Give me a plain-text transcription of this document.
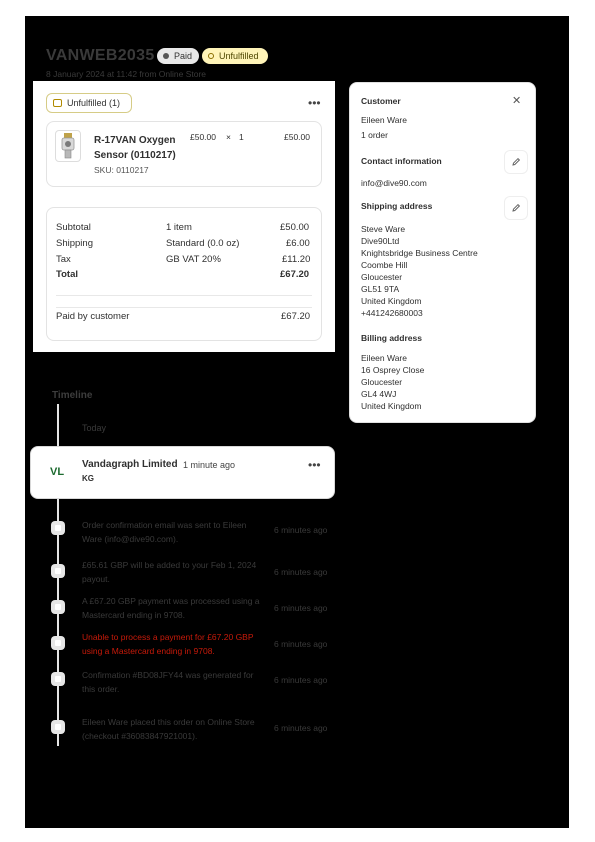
VANWEB2035 Paid	Unfulfilled
8 January 2024 at 11:42 from Online Store
Unfulfilled (1)	•••
R-17VAN Oxygen Sensor (0110217)
SKU: 0110217
£50.00 × 1	£50.00
Subtotal	1 item	£50.00
Shipping	Standard (0.0 oz)	£6.00
Tax	GB VAT 20%	£11.20
Total	£67.20
Paid by customer	£67.20
Timeline
Today
VL
Vandagraph Limited 1 minute ago
KG
•••
Order confirmation email was sent to Eileen Ware (info@dive90.com).
6 minutes ago
£65.61 GBP will be added to your Feb 1, 2024 payout.
6 minutes ago
A £67.20 GBP payment was processed using a Mastercard ending in 9708.
6 minutes ago
Unable to process a payment for £67.20 GBP using a Mastercard ending in 9708.
6 minutes ago
Confirmation #BD08JFY44 was generated for this order.
6 minutes ago
Eileen Ware placed this order on Online Store (checkout #36083847921001).
6 minutes ago
Customer	✕
Eileen Ware
1 order
Contact information
info@dive90.com
Shipping address
Steve Ware
Dive90Ltd
Knightsbridge Business Centre
Coombe Hill
Gloucester
GL51 9TA
United Kingdom
+441242680003
Billing address
Eileen Ware
16 Osprey Close
Gloucester
GL4 4WJ
United Kingdom
